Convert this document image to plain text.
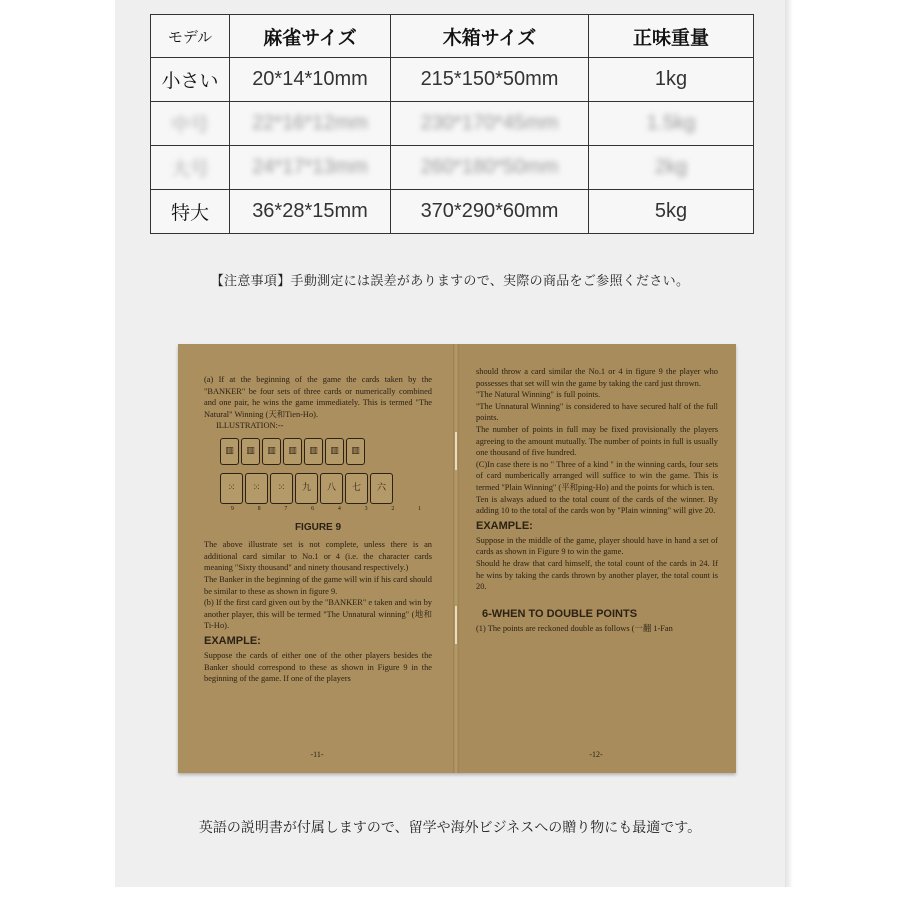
モデル	麻雀サイズ	木箱サイズ	正味重量
小さい	20*14*10mm	215*150*50mm	1kg
中号	22*16*12mm	230*170*45mm	1.5kg
大号	24*17*13mm	260*180*50mm	2kg
特大	36*28*15mm	370*290*60mm	5kg
【注意事項】手動測定には誤差がありますので、実際の商品をご参照ください。

(a) If at the beginning of the game the cards taken by the "BANKER" be four sets of three cards or numerically combined and one pair, he wins the game immediately. This is termed "The Natural" Winning (天和Tien-Ho).

ILLUSTRATION:--

▥ ▥ ▥ ▥ ▥ ▥ ▥
⁙ ⁙ ⁙ 九 八 七 六
9	8	7	6	4	3	2	1
FIGURE 9

The above illustrate set is not complete, unless there is an additional card similar to No.1 or 4 (i.e. the character cards meaning "Sixty thousand" and ninety thousand respectively.)

The Banker in the beginning of the game will win if his card should be similar to these as shown in figure 9.

(b) If the first card given out by the "BANKER" e taken and win by another player, this will be termed "The Unnatural winning" (地和 Ti-Ho).

EXAMPLE:

Suppose the cards of either one of the other players besides the Banker should correspond to these as shown in Figure 9 in the beginning of the game. If one of the players

-11-

should throw a card similar the No.1 or 4 in figure 9 the player who possesses that set will win the game by taking the card just thrown.

"The Natural Winning" is full points.

"The Unnatural Winning" is considered to have secured half of the full points.

The number of points in full may be fixed provisionally the players agreeing to the amount mutually. The number of points in full is usually one thousand of five hundred.

(C)In case there is no " Three of a kind " in the winning cards, four sets of card numberically arranged will suffice to win the game. This is termed "Plain Winning" (平和ping-Ho) and the points for which is ten.

Ten is always adued to the total count of the cards of the winner. By adding 10 to the total of the cards won by "Plain winning" will give 20.

EXAMPLE:

Suppose in the middle of the game, player should have in hand a set of cards as shown in Figure 9 to win the game.

Should he draw that card himself, the total count of the cards in 24. If he wins by taking the cards thrown by another player, the total count is 20.

6-WHEN TO DOUBLE POINTS

(1) The points are reckoned double as follows (一翻 1-Fan

-12-
英語の説明書が付属しますので、留学や海外ビジネスへの贈り物にも最適です。
